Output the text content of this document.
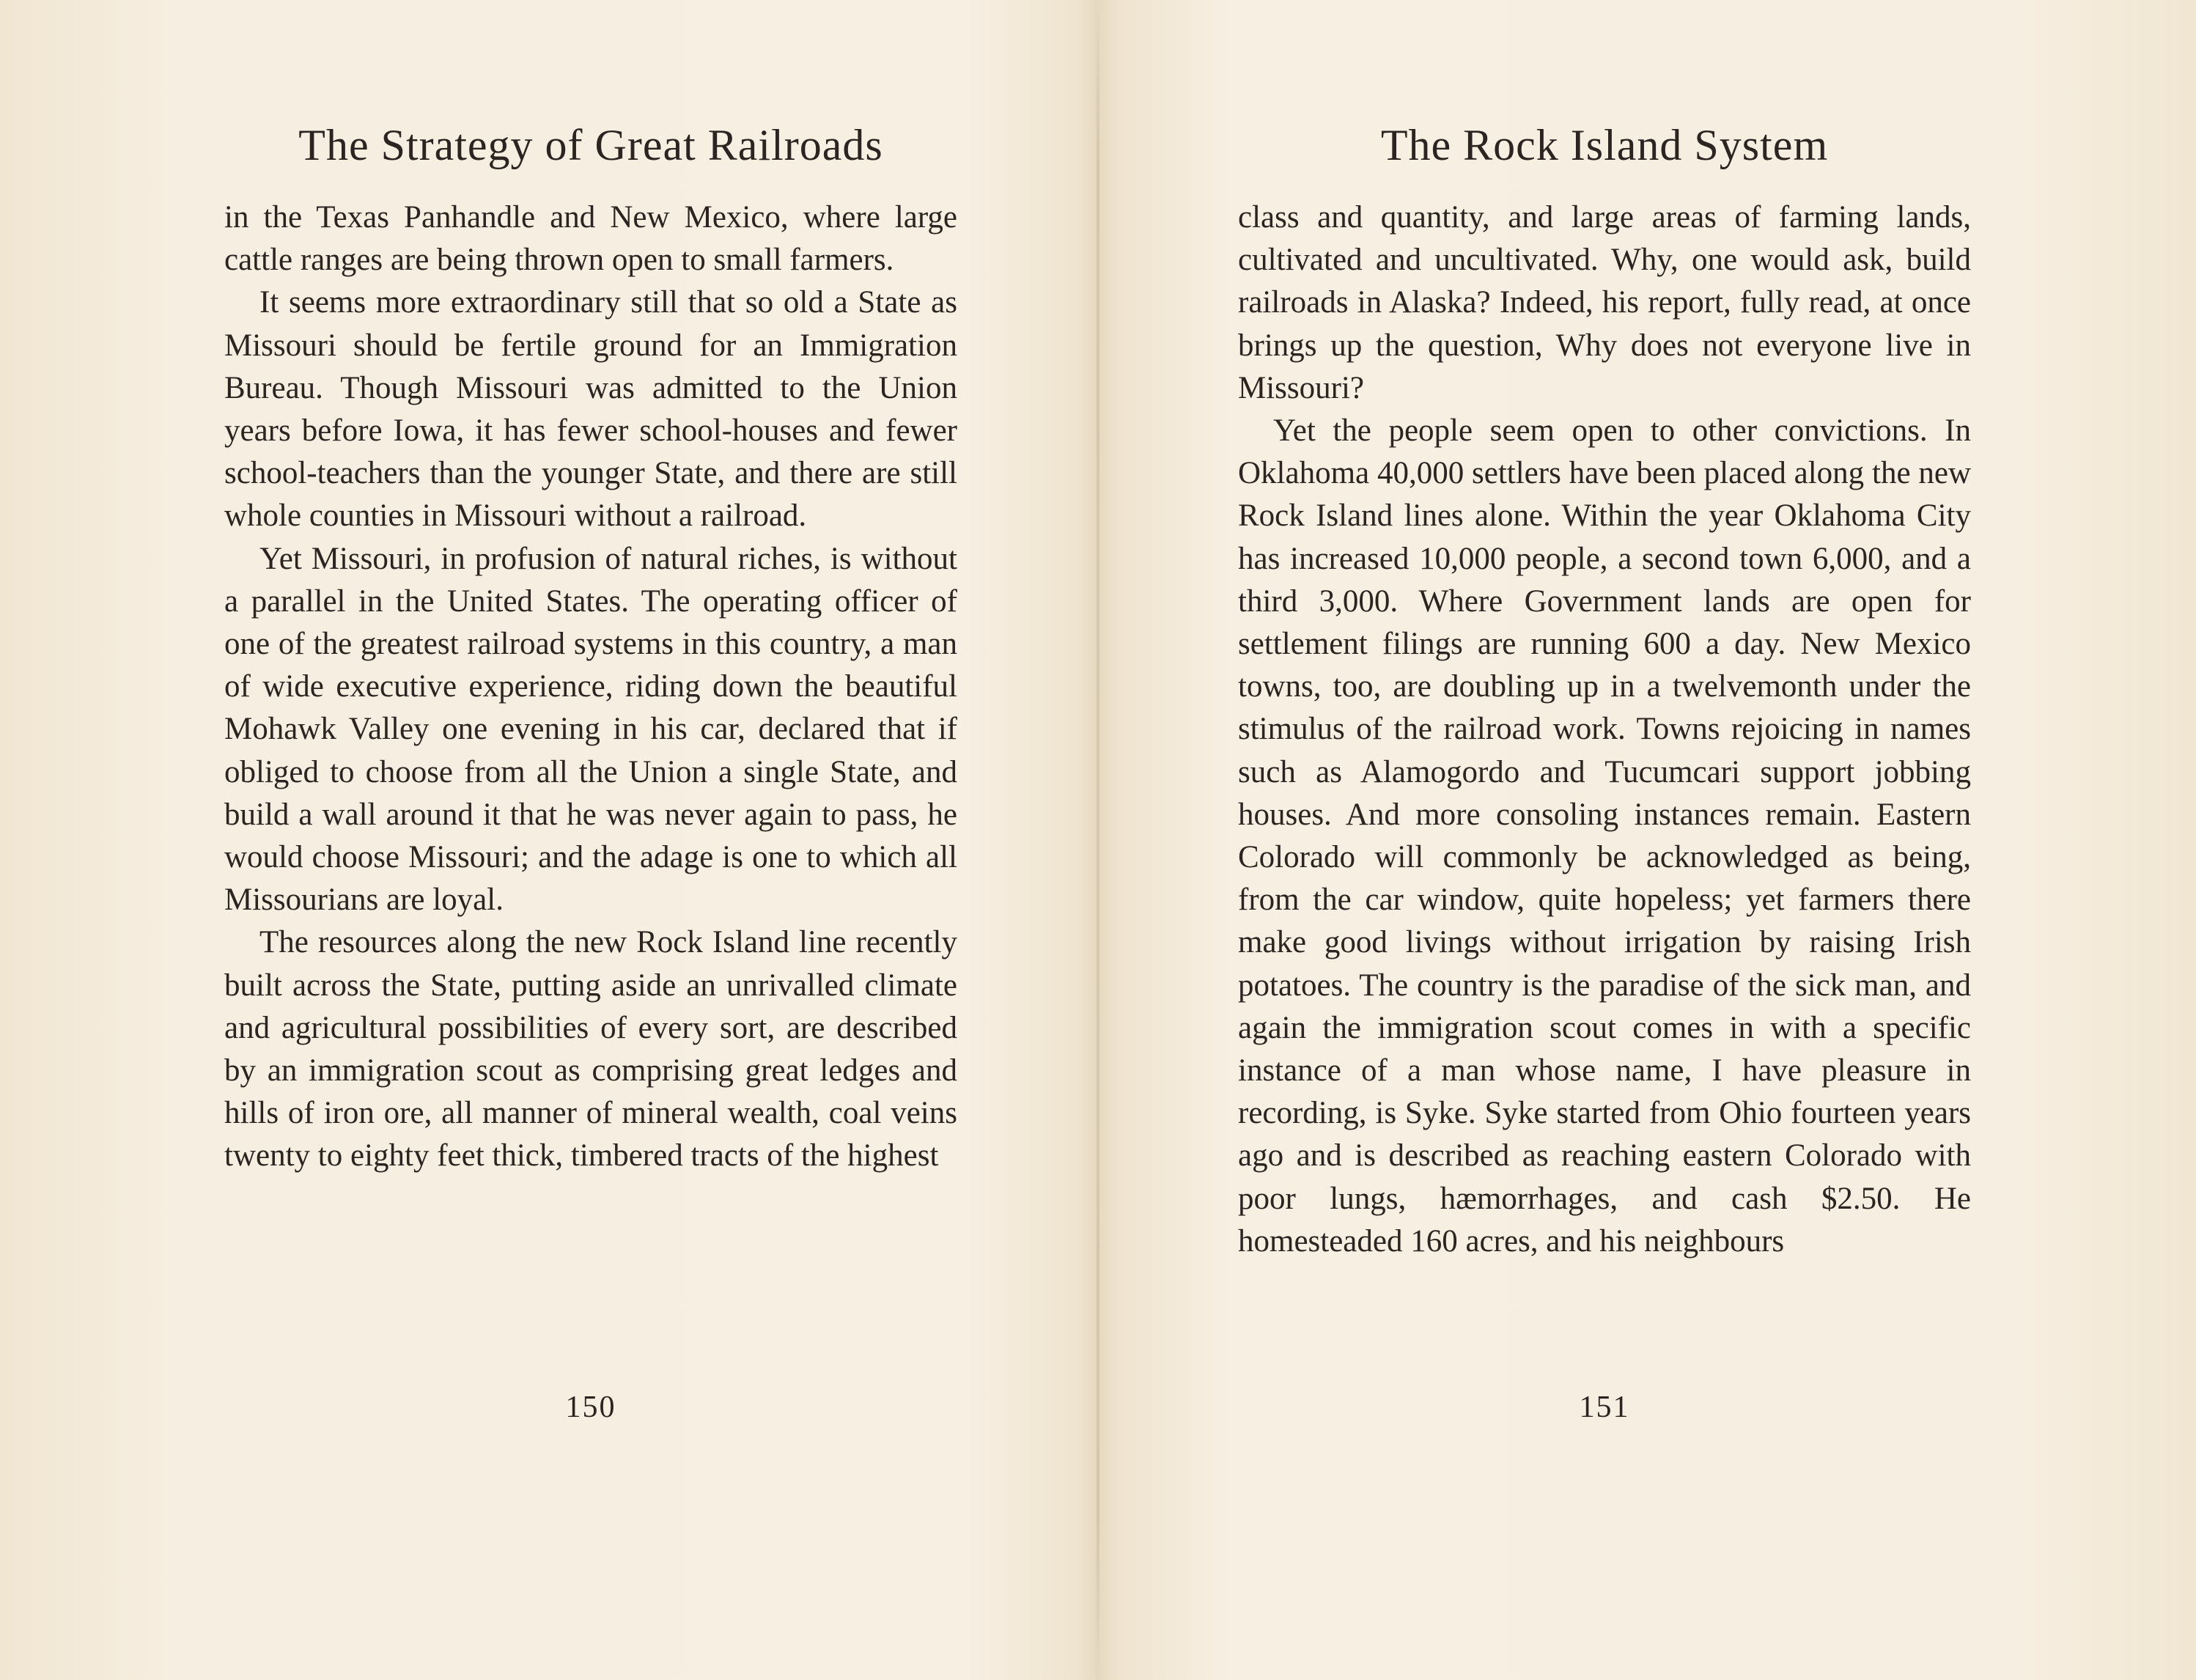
The Strategy of Great Railroads

in the Texas Panhandle and New Mexico, where large cattle ranges are being thrown open to small farmers.

It seems more extraordinary still that so old a State as Missouri should be fertile ground for an Immigration Bureau. Though Missouri was admitted to the Union years before Iowa, it has fewer school-houses and fewer school-teachers than the younger State, and there are still whole counties in Missouri without a railroad.

Yet Missouri, in profusion of natural riches, is without a parallel in the United States. The operating officer of one of the greatest railroad systems in this country, a man of wide executive experience, riding down the beautiful Mohawk Valley one evening in his car, declared that if obliged to choose from all the Union a single State, and build a wall around it that he was never again to pass, he would choose Missouri; and the adage is one to which all Missourians are loyal.

The resources along the new Rock Island line recently built across the State, putting aside an unrivalled climate and agricultural possibilities of every sort, are described by an immigration scout as comprising great ledges and hills of iron ore, all manner of mineral wealth, coal veins twenty to eighty feet thick, timbered tracts of the highest

150
The Rock Island System

class and quantity, and large areas of farming lands, cultivated and uncultivated. Why, one would ask, build railroads in Alaska? Indeed, his report, fully read, at once brings up the question, Why does not everyone live in Missouri?

Yet the people seem open to other convictions. In Oklahoma 40,000 settlers have been placed along the new Rock Island lines alone. Within the year Oklahoma City has increased 10,000 people, a second town 6,000, and a third 3,000. Where Government lands are open for settlement filings are running 600 a day. New Mexico towns, too, are doubling up in a twelvemonth under the stimulus of the railroad work. Towns rejoicing in names such as Alamogordo and Tucumcari support jobbing houses. And more consoling instances remain. Eastern Colorado will commonly be acknowledged as being, from the car window, quite hopeless; yet farmers there make good livings without irrigation by raising Irish potatoes. The country is the paradise of the sick man, and again the immigration scout comes in with a specific instance of a man whose name, I have pleasure in recording, is Syke. Syke started from Ohio fourteen years ago and is described as reaching eastern Colorado with poor lungs, hæmorrhages, and cash $2.50. He homesteaded 160 acres, and his neighbours

151
